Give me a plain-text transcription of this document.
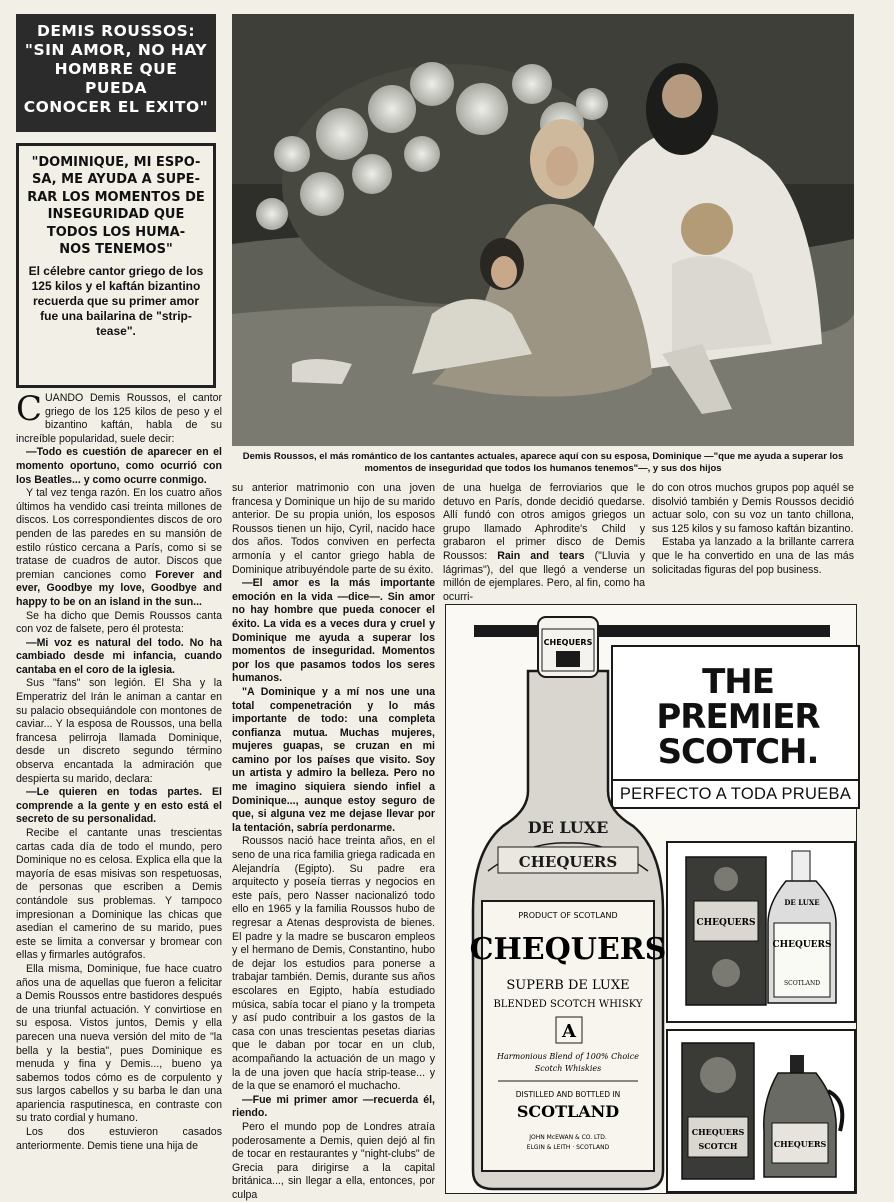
DEMIS ROUSSOS:
"SIN AMOR, NO HAY
HOMBRE QUE PUEDA
CONOCER EL EXITO"
"DOMINIQUE, MI ESPO-
SA, ME AYUDA A SUPE-
RAR LOS MOMENTOS DE
INSEGURIDAD QUE
TODOS LOS HUMA-
NOS TENEMOS"
El célebre cantor griego de los 125 kilos y el kaftán bizantino recuerda que su primer amor fue una bailarina de "strip-tease".
Demis Roussos, el más romántico de los cantantes actuales, aparece aquí con su esposa, Dominique —"que me ayuda a superar los momentos de inseguridad que todos los humanos tenemos"—, y sus dos hijos

CUANDO Demis Roussos, el cantor griego de los 125 kilos de peso y el bizantino kaftán, habla de su increíble popularidad, suele decir:

—Todo es cuestión de aparecer en el momento oportuno, como ocurrió con los Beatles... y como ocurre conmigo.

Y tal vez tenga razón. En los cuatro años últimos ha vendido casi treinta millones de discos. Los correspondientes discos de oro penden de las paredes en su mansión de estilo rústico cercana a París, como si se tratase de cuadros de autor. Discos que premian canciones como Forever and ever, Goodbye my love, Goodbye and happy to be on an island in the sun...

Se ha dicho que Demis Roussos canta con voz de falsete, pero él protesta:

—Mi voz es natural del todo. No ha cambiado desde mi infancia, cuando cantaba en el coro de la iglesia.

Sus "fans" son legión. El Sha y la Emperatriz del Irán le animan a cantar en su palacio obsequiándole con montones de caviar... Y la esposa de Roussos, una bella francesa pelirroja llamada Dominique, desde un discreto segundo término observa encantada la admiración que despierta su marido, declara:

—Le quieren en todas partes. El comprende a la gente y en esto está el secreto de su personalidad.

Recibe el cantante unas trescientas cartas cada día de todo el mundo, pero Dominique no es celosa. Explica ella que la mayoría de esas misivas son respetuosas, de personas que escriben a Demis contándole sus problemas. Y tampoco impresionan a Dominique las chicas que asedian el camerino de su marido, pues este se limita a conversar y bromear con ellas y firmarles autógrafos.

Ella misma, Dominique, fue hace cuatro años una de aquellas que fueron a felicitar a Demis Roussos entre bastidores después de una triunfal actuación. Y convirtiose en su esposa. Vistos juntos, Demis y ella parecen una nueva versión del mito de "la bella y la bestia", pues Dominique es menuda y fina y Demis..., bueno ya sabemos todos cómo es de corpulento y sus largos cabellos y su barba le dan una apariencia rasputinesca, en contraste con su trato cordial y humano.

Los dos estuvieron casados anteriormente. Demis tiene una hija de

su anterior matrimonio con una joven francesa y Dominique un hijo de su marido anterior. De su propia unión, los esposos Roussos tienen un hijo, Cyril, nacido hace dos años. Todos conviven en perfecta armonía y el cantor griego habla de Dominique atribuyéndole parte de su éxito.

—El amor es la más importante emoción en la vida —dice—. Sin amor no hay hombre que pueda conocer el éxito. La vida es a veces dura y cruel y Dominique me ayuda a superar los momentos de inseguridad. Momentos por los que pasamos todos los seres humanos.

"A Dominique y a mí nos une una total compenetración y lo más importante de todo: una completa confianza mutua. Muchas mujeres, mujeres guapas, se cruzan en mi camino por los países que visito. Soy un artista y admiro la belleza. Pero no me imagino siquiera siendo infiel a Dominique..., aunque estoy seguro de que, si alguna vez me dejase llevar por la tentación, sabría perdonarme.

Roussos nació hace treinta años, en el seno de una rica familia griega radicada en Alejandría (Egipto). Su padre era arquitecto y poseía tierras y negocios en este país, pero Nasser nacionalizó todo ello en 1965 y la familia Roussos hubo de regresar a Atenas desprovista de bienes. El padre y la madre se buscaron empleos y el hermano de Demis, Constantino, hubo de dejar los estudios para ponerse a trabajar también. Demis, durante sus años escolares en Egipto, había estudiado música, sabía tocar el piano y la trompeta y así pudo contribuir a los gastos de la casa con unas trescientas pesetas diarias que le daban por tocar en un club, acompañando la actuación de un mago y la de una joven que hacía strip-tease... y de la que se enamoró el muchacho.

—Fue mi primer amor —recuerda él, riendo.

Pero el mundo pop de Londres atraía poderosamente a Demis, quien dejó al fin de tocar en restaurantes y "night-clubs" de Grecia para dirigirse a la capital británica..., sin llegar a ella, entonces, por culpa

de una huelga de ferroviarios que le detuvo en París, donde decidió quedarse. Allí fundó con otros amigos griegos un grupo llamado Aphrodite's Child y grabaron el primer disco de Demis Roussos: Rain and tears ("Lluvia y lágrimas"), del que llegó a venderse un millón de ejemplares. Pero, al fin, como ha ocurri-

do con otros muchos grupos pop aquél se disolvió también y Demis Roussos decidió actuar solo, con su voz un tanto chillona, sus 125 kilos y su famoso kaftán bizantino.

Estaba ya lanzado a la brillante carrera que le ha convertido en una de las más solicitadas figuras del pop business.

THE
PREMIER
SCOTCH.
PERFECTO A TODA PRUEBA
CHEQUERS
DE LUXE
CHEQUERS
PRODUCT OF SCOTLAND
CHEQUERS
SUPERB DE LUXE
BLENDED SCOTCH WHISKY
A
Harmonious Blend of 100% Choice
Scotch Whiskies
DISTILLED AND BOTTLED IN
SCOTLAND
JOHN McEWAN & CO. LTD.
ELGIN & LEITH · SCOTLAND
CHEQUERS
DE LUXE
CHEQUERS
SCOTLAND
CHEQUERS
SCOTCH	CHEQUERS
